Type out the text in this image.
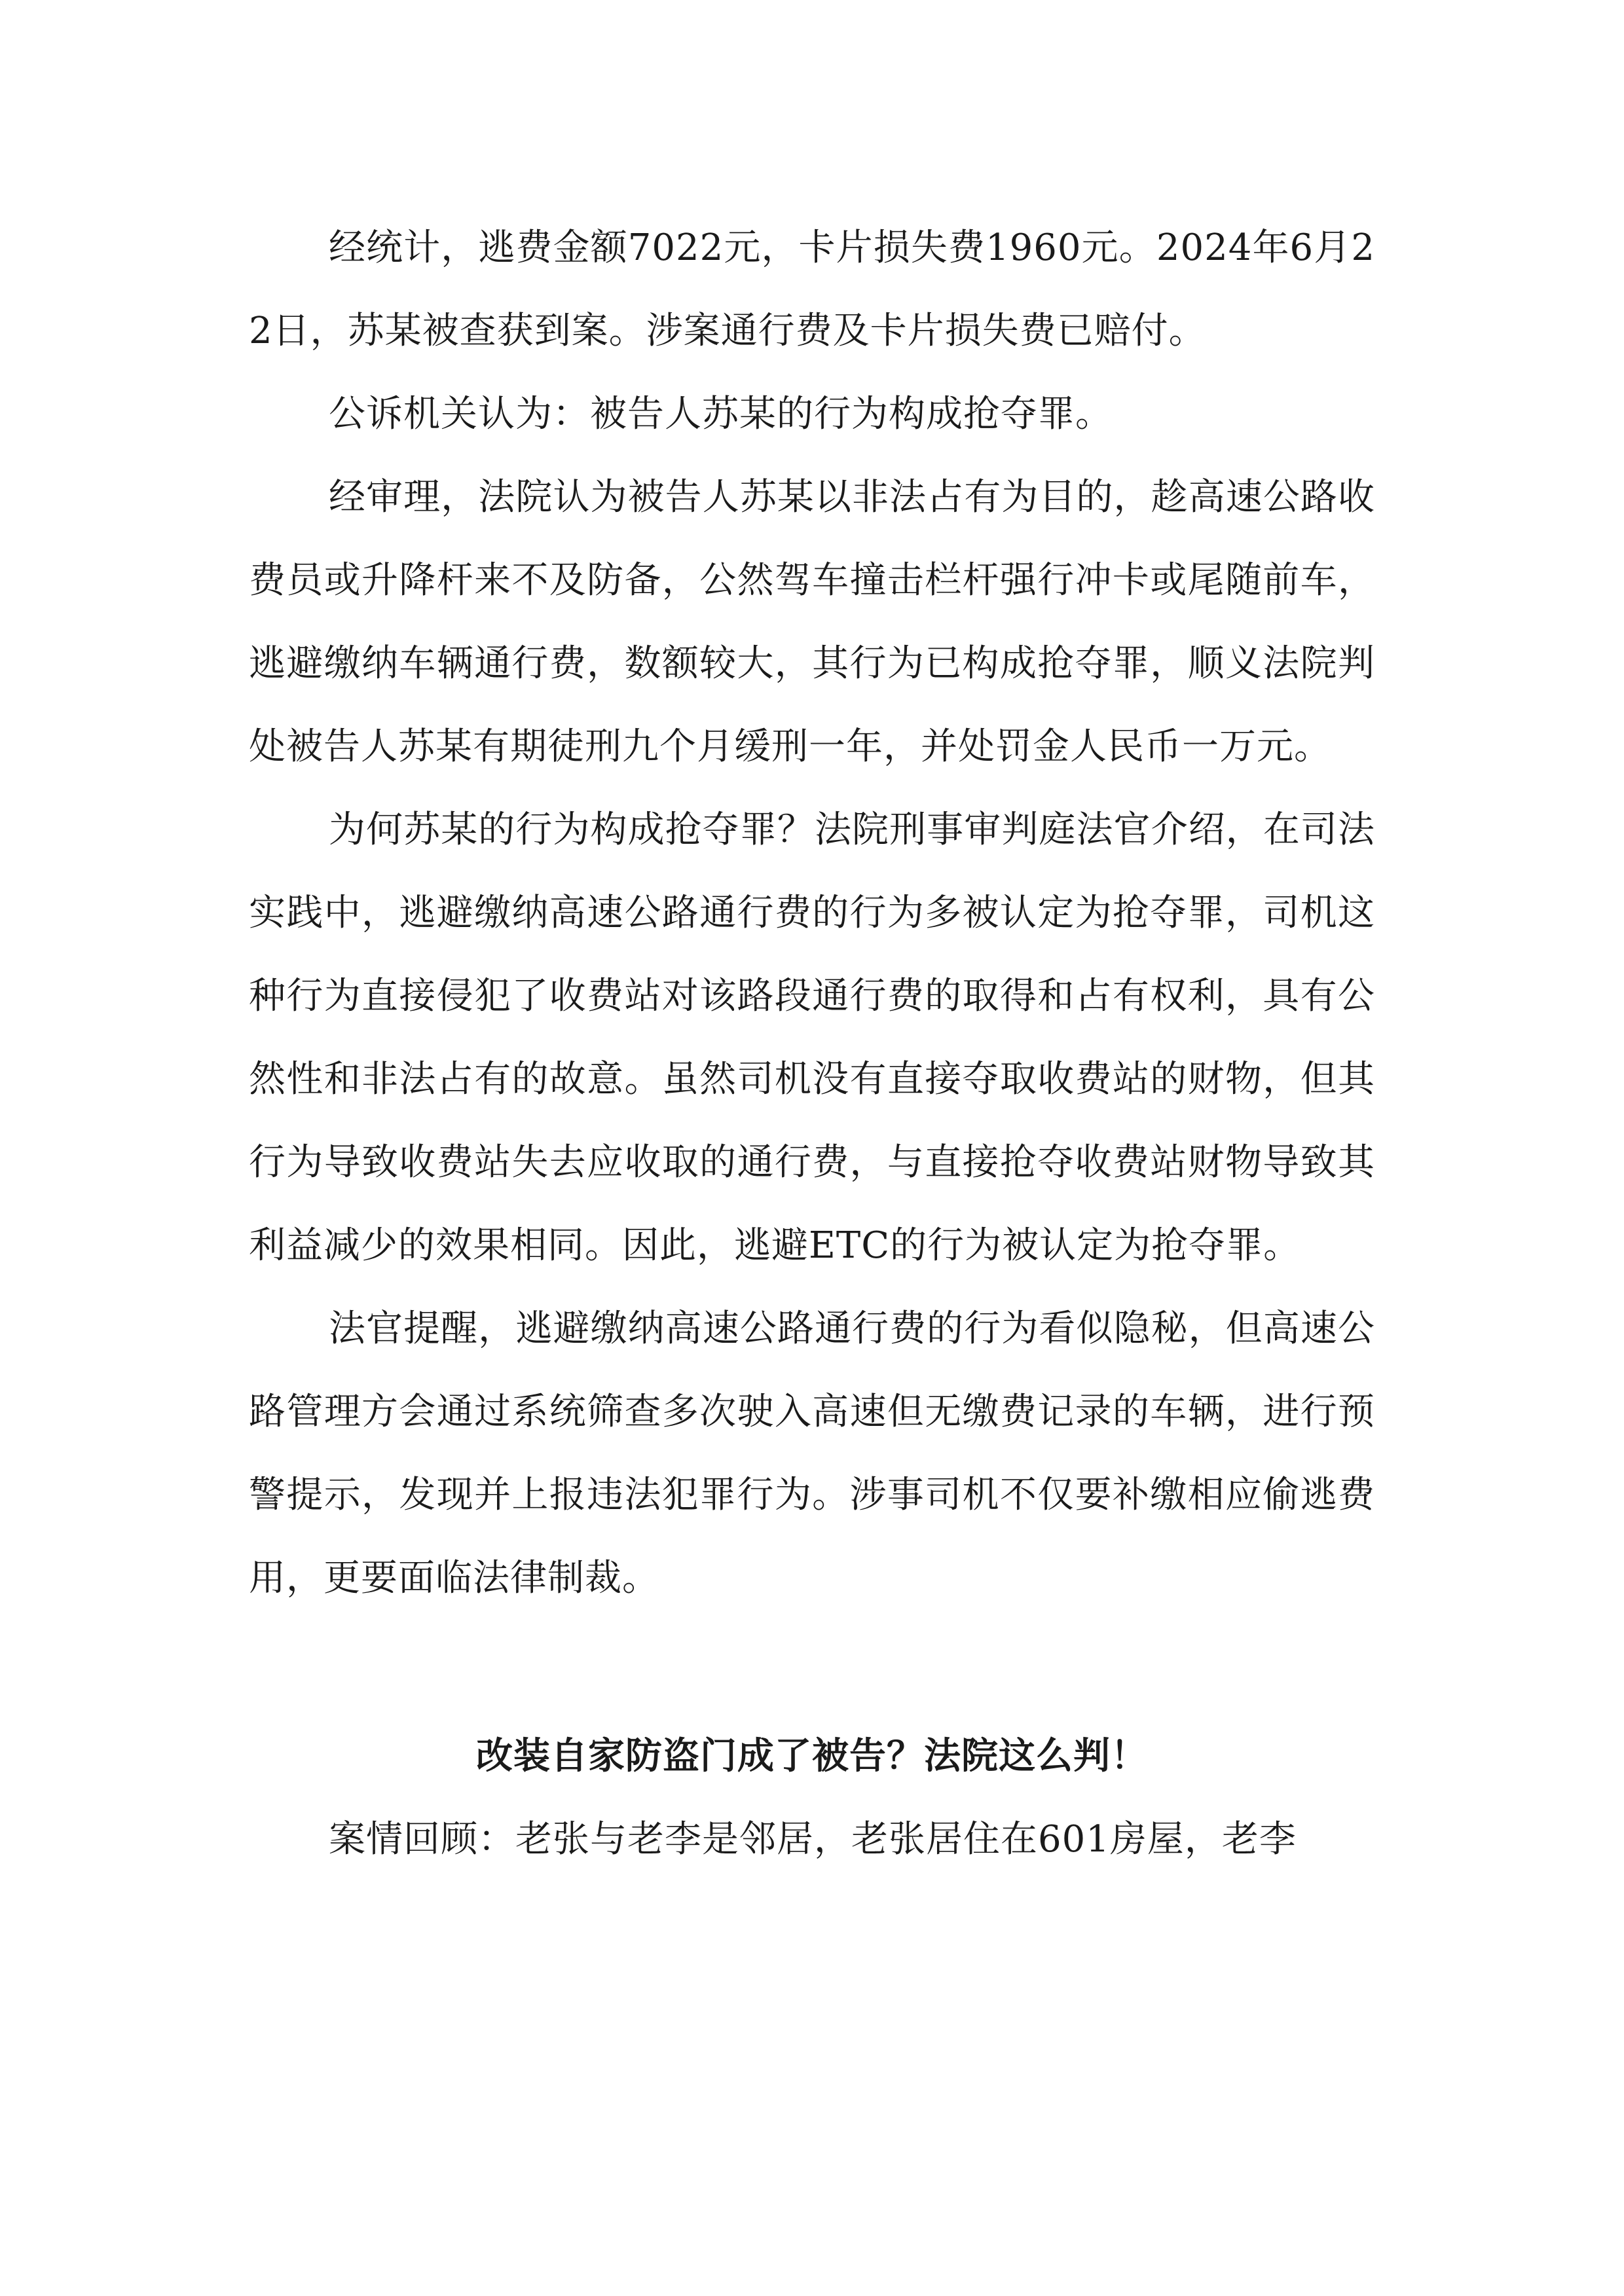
经统计，逃费金额7022元，卡片损失费1960元。2024年6月22日，苏某被查获到案。涉案通行费及卡片损失费已赔付。

公诉机关认为：被告人苏某的行为构成抢夺罪。

经审理，法院认为被告人苏某以非法占有为目的，趁高速公路收费员或升降杆来不及防备，公然驾车撞击栏杆强行冲卡或尾随前车，逃避缴纳车辆通行费，数额较大，其行为已构成抢夺罪，顺义法院判处被告人苏某有期徒刑九个月缓刑一年，并处罚金人民币一万元。

为何苏某的行为构成抢夺罪？法院刑事审判庭法官介绍，在司法实践中，逃避缴纳高速公路通行费的行为多被认定为抢夺罪，司机这种行为直接侵犯了收费站对该路段通行费的取得和占有权利，具有公然性和非法占有的故意。虽然司机没有直接夺取收费站的财物，但其行为导致收费站失去应收取的通行费，与直接抢夺收费站财物导致其利益减少的效果相同。因此，逃避ETC的行为被认定为抢夺罪。

法官提醒，逃避缴纳高速公路通行费的行为看似隐秘，但高速公路管理方会通过系统筛查多次驶入高速但无缴费记录的车辆，进行预警提示，发现并上报违法犯罪行为。涉事司机不仅要补缴相应偷逃费用，更要面临法律制裁。

改装自家防盗门成了被告？法院这么判！

案情回顾：老张与老李是邻居，老张居住在601房屋，老李
